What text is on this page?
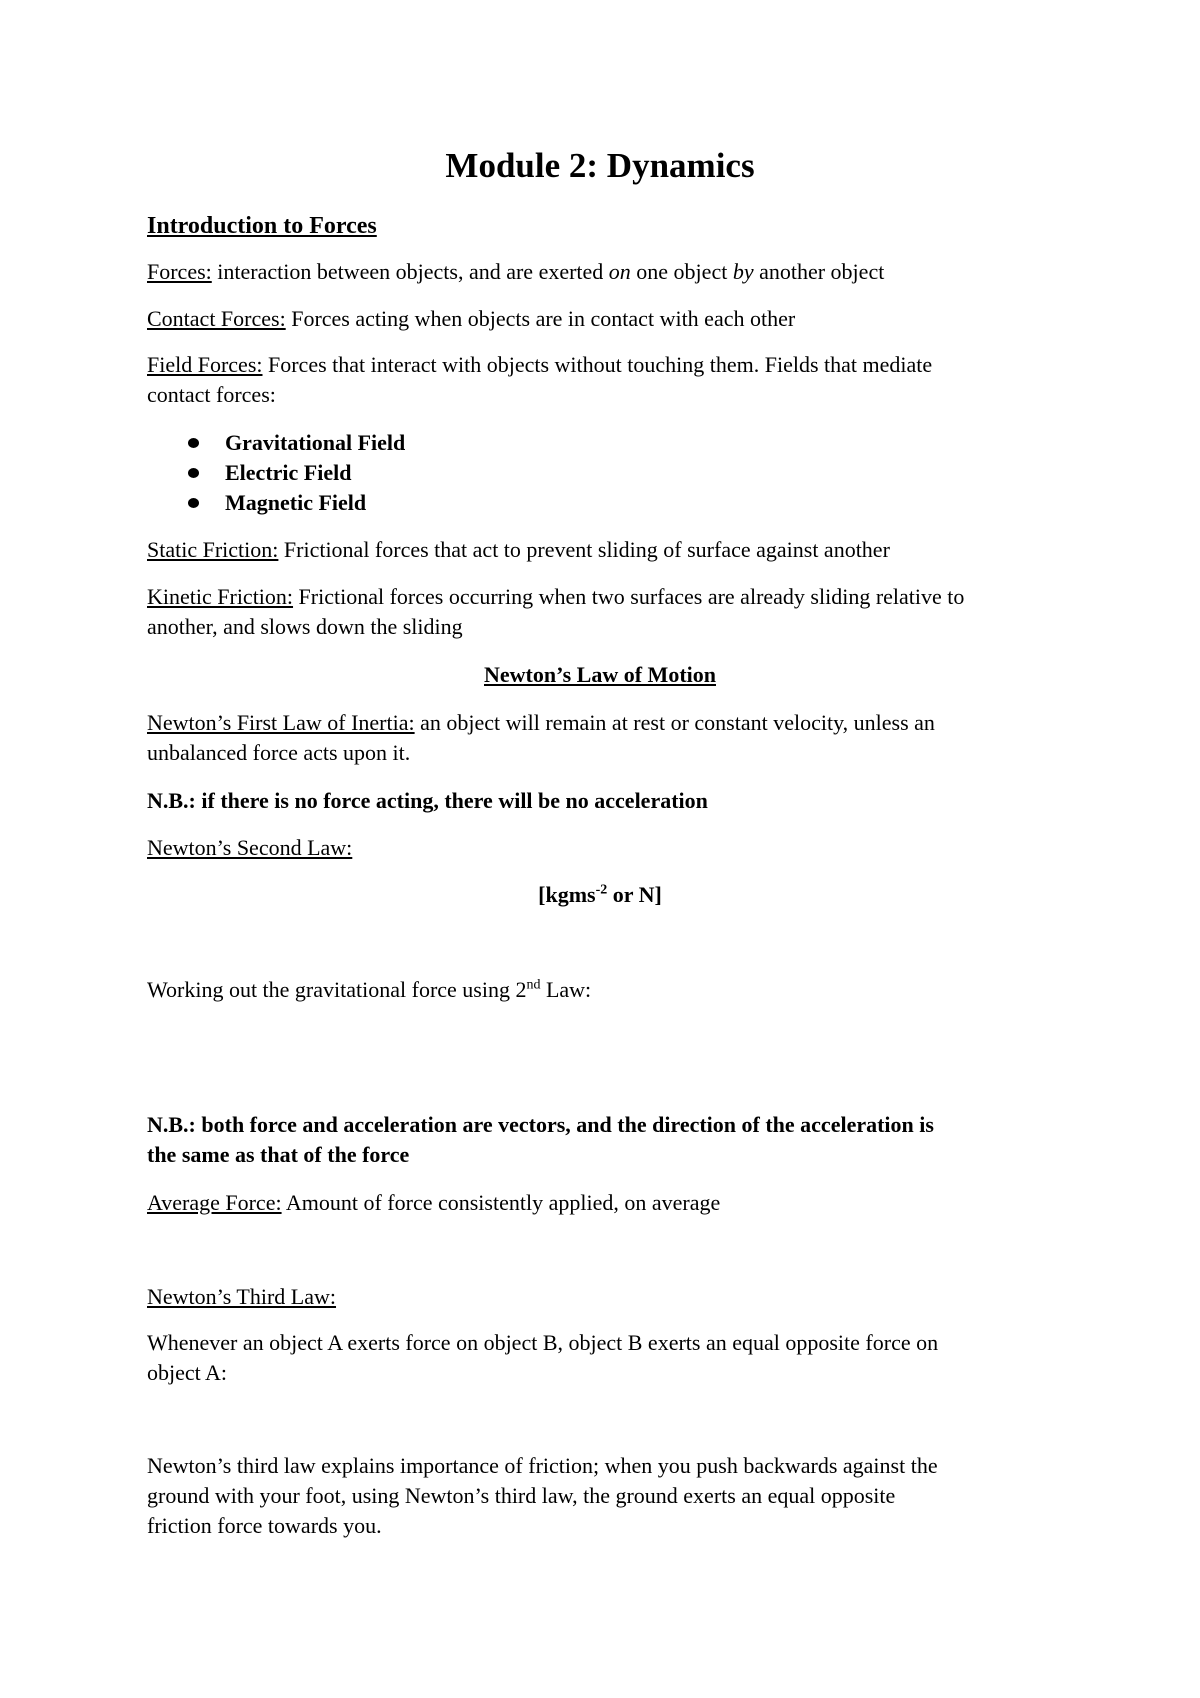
Module 2: Dynamics
Introduction to Forces
Forces: interaction between objects, and are exerted on one object by another object
Contact Forces: Forces acting when objects are in contact with each other
Field Forces: Forces that interact with objects without touching them. Fields that mediate
contact forces:
Gravitational Field
Electric Field
Magnetic Field
Static Friction: Frictional forces that act to prevent sliding of surface against another
Kinetic Friction: Frictional forces occurring when two surfaces are already sliding relative to
another, and slows down the sliding
Newton’s Law of Motion
Newton’s First Law of Inertia: an object will remain at rest or constant velocity, unless an
unbalanced force acts upon it.
N.B.: if there is no force acting, there will be no acceleration
Newton’s Second Law:
[kgms$^{-2}$ or N]
Working out the gravitational force using 2nd Law:
N.B.: both force and acceleration are vectors, and the direction of the acceleration is
the same as that of the force
Average Force: Amount of force consistently applied, on average
Newton’s Third Law:
Whenever an object A exerts force on object B, object B exerts an equal opposite force on
object A:
Newton’s third law explains importance of friction; when you push backwards against the
ground with your foot, using Newton’s third law, the ground exerts an equal opposite
friction force towards you.
